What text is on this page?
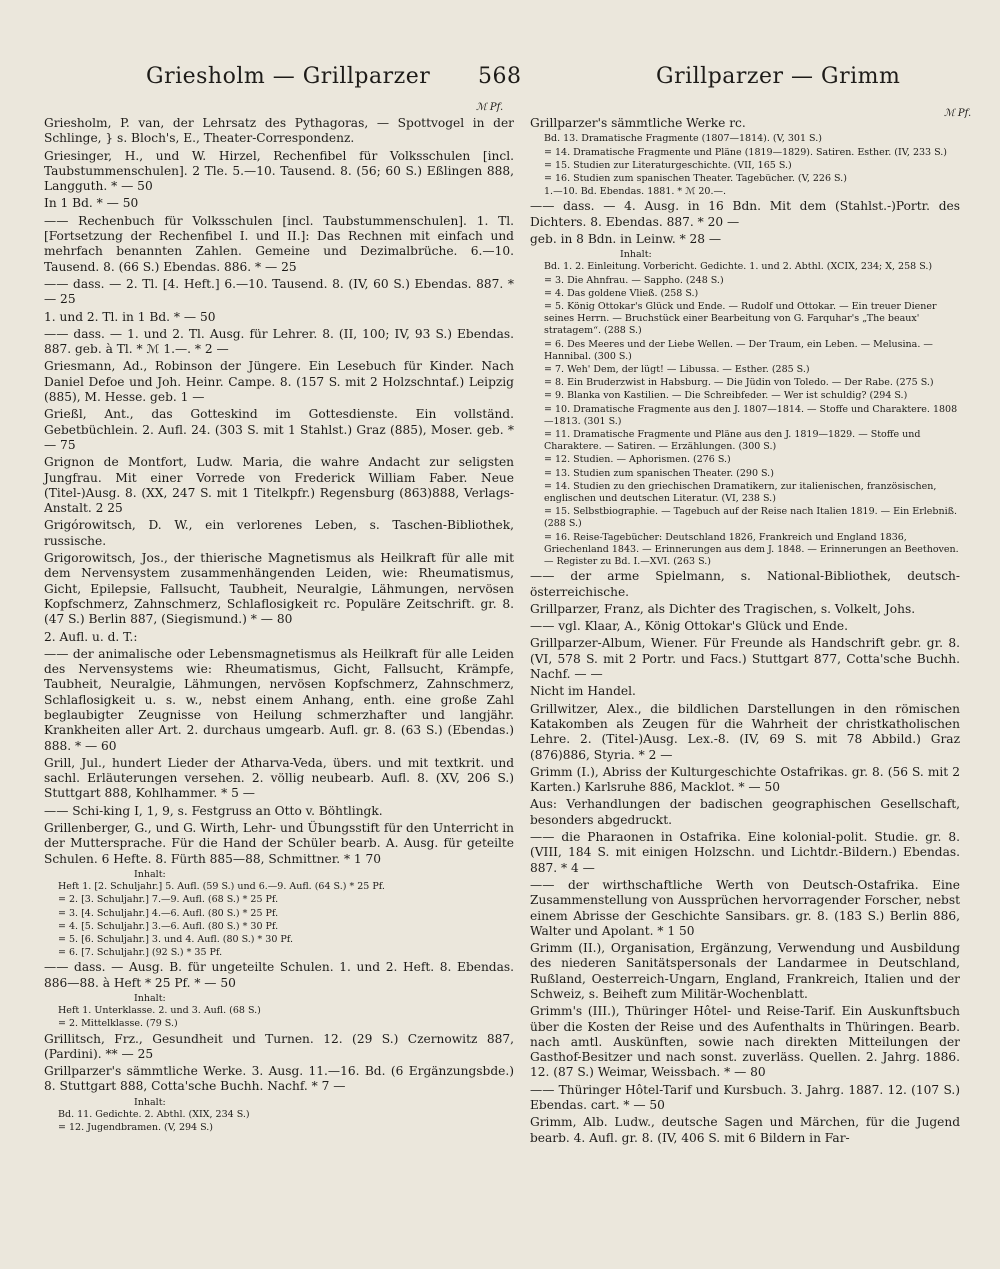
Griesholm — Grillparzer 568	Grillparzer — Grimm
ℳ Pf.
ℳ Pf.
Griesholm, P. van, der Lehrsatz des Pythagoras, — Spottvogel in der Schlinge, } s. Bloch's, E., Theater-Correspondenz.
Griesinger, H., und W. Hirzel, Rechenfibel für Volksschulen [incl. Taubstummenschulen]. 2 Tle. 5.—10. Tausend. 8. (56; 60 S.) Eßlingen 888, Langguth. * — 50
In 1 Bd. * — 50
—— Rechenbuch für Volksschulen [incl. Taubstummenschulen]. 1. Tl. [Fortsetzung der Rechenfibel I. und II.]: Das Rechnen mit einfach und mehrfach benannten Zahlen. Gemeine und Dezimalbrüche. 6.—10. Tausend. 8. (66 S.) Ebendas. 886. * — 25
—— dass. — 2. Tl. [4. Heft.] 6.—10. Tausend. 8. (IV, 60 S.) Ebendas. 887. * — 25
1. und 2. Tl. in 1 Bd. * — 50
—— dass. — 1. und 2. Tl. Ausg. für Lehrer. 8. (II, 100; IV, 93 S.) Ebendas. 887. geb. à Tl. * ℳ 1.—. * 2 —
Griesmann, Ad., Robinson der Jüngere. Ein Lesebuch für Kinder. Nach Daniel Defoe und Joh. Heinr. Campe. 8. (157 S. mit 2 Holzschntaf.) Leipzig (885), M. Hesse. geb. 1 —
Grießl, Ant., das Gotteskind im Gottesdienste. Ein vollständ. Gebetbüchlein. 2. Aufl. 24. (303 S. mit 1 Stahlst.) Graz (885), Moser. geb. * — 75
Grignon de Montfort, Ludw. Maria, die wahre Andacht zur seligsten Jungfrau. Mit einer Vorrede von Frederick William Faber. Neue (Titel-)Ausg. 8. (XX, 247 S. mit 1 Titelkpfr.) Regensburg (863)888, Verlags-Anstalt. 2 25
Grigórowitsch, D. W., ein verlorenes Leben, s. Taschen-Bibliothek, russische.
Grigorowitsch, Jos., der thierische Magnetismus als Heilkraft für alle mit dem Nervensystem zusammenhängenden Leiden, wie: Rheumatismus, Gicht, Epilepsie, Fallsucht, Taubheit, Neuralgie, Lähmungen, nervösen Kopfschmerz, Zahnschmerz, Schlaflosigkeit rc. Populäre Zeitschrift. gr. 8. (47 S.) Berlin 887, (Siegismund.) * — 80
2. Aufl. u. d. T.:
—— der animalische oder Lebensmagnetismus als Heilkraft für alle Leiden des Nervensystems wie: Rheumatismus, Gicht, Fallsucht, Krämpfe, Taubheit, Neuralgie, Lähmungen, nervösen Kopfschmerz, Zahnschmerz, Schlaflosigkeit u. s. w., nebst einem Anhang, enth. eine große Zahl beglaubigter Zeugnisse von Heilung schmerzhafter und langjähr. Krankheiten aller Art. 2. durchaus umgearb. Aufl. gr. 8. (63 S.) (Ebendas.) 888. * — 60
Grill, Jul., hundert Lieder der Atharva-Veda, übers. und mit textkrit. und sachl. Erläuterungen versehen. 2. völlig neubearb. Aufl. 8. (XV, 206 S.) Stuttgart 888, Kohlhammer. * 5 —
—— Schi-king I, 1, 9, s. Festgruss an Otto v. Böhtlingk.
Grillenberger, G., und G. Wirth, Lehr- und Übungsstift für den Unterricht in der Muttersprache. Für die Hand der Schüler bearb. A. Ausg. für geteilte Schulen. 6 Hefte. 8. Fürth 885—88, Schmittner. * 1 70
Inhalt:
Heft 1. [2. Schuljahr.] 5. Aufl. (59 S.) und 6.—9. Aufl. (64 S.) * 25 Pf.
= 2. [3. Schuljahr.] 7.—9. Aufl. (68 S.) * 25 Pf.
= 3. [4. Schuljahr.] 4.—6. Aufl. (80 S.) * 25 Pf.
= 4. [5. Schuljahr.] 3.—6. Aufl. (80 S.) * 30 Pf.
= 5. [6. Schuljahr.] 3. und 4. Aufl. (80 S.) * 30 Pf.
= 6. [7. Schuljahr.] (92 S.) * 35 Pf.
—— dass. — Ausg. B. für ungeteilte Schulen. 1. und 2. Heft. 8. Ebendas. 886—88. à Heft * 25 Pf. * — 50
Inhalt:
Heft 1. Unterklasse. 2. und 3. Aufl. (68 S.)
= 2. Mittelklasse. (79 S.)
Grillitsch, Frz., Gesundheit und Turnen. 12. (29 S.) Czernowitz 887, (Pardini). ** — 25
Grillparzer's sämmtliche Werke. 3. Ausg. 11.—16. Bd. (6 Ergänzungsbde.) 8. Stuttgart 888, Cotta'sche Buchh. Nachf. * 7 —
Inhalt:
Bd. 11. Gedichte. 2. Abthl. (XIX, 234 S.)
= 12. Jugendbramen. (V, 294 S.)
Grillparzer's sämmtliche Werke rc.
Bd. 13. Dramatische Fragmente (1807—1814). (V, 301 S.)
= 14. Dramatische Fragmente und Pläne (1819—1829). Satiren. Esther. (IV, 233 S.)
= 15. Studien zur Literaturgeschichte. (VII, 165 S.)
= 16. Studien zum spanischen Theater. Tagebücher. (V, 226 S.)
1.—10. Bd. Ebendas. 1881. * ℳ 20.—.
—— dass. — 4. Ausg. in 16 Bdn. Mit dem (Stahlst.-)Portr. des Dichters. 8. Ebendas. 887. * 20 —
geb. in 8 Bdn. in Leinw. * 28 —
Inhalt:
Bd. 1. 2. Einleitung. Vorbericht. Gedichte. 1. und 2. Abthl. (XCIX, 234; X, 258 S.)
= 3. Die Ahnfrau. — Sappho. (248 S.)
= 4. Das goldene Vließ. (258 S.)
= 5. König Ottokar's Glück und Ende. — Rudolf und Ottokar. — Ein treuer Diener seines Herrn. — Bruchstück einer Bearbeitung von G. Farquhar's „The beaux' stratagem“. (288 S.)
= 6. Des Meeres und der Liebe Wellen. — Der Traum, ein Leben. — Melusina. — Hannibal. (300 S.)
= 7. Weh' Dem, der lügt! — Libussa. — Esther. (285 S.)
= 8. Ein Bruderzwist in Habsburg. — Die Jüdin von Toledo. — Der Rabe. (275 S.)
= 9. Blanka von Kastilien. — Die Schreibfeder. — Wer ist schuldig? (294 S.)
= 10. Dramatische Fragmente aus den J. 1807—1814. — Stoffe und Charaktere. 1808—1813. (301 S.)
= 11. Dramatische Fragmente und Pläne aus den J. 1819—1829. — Stoffe und Charaktere. — Satiren. — Erzählungen. (300 S.)
= 12. Studien. — Aphorismen. (276 S.)
= 13. Studien zum spanischen Theater. (290 S.)
= 14. Studien zu den griechischen Dramatikern, zur italienischen, französischen, englischen und deutschen Literatur. (VI, 238 S.)
= 15. Selbstbiographie. — Tagebuch auf der Reise nach Italien 1819. — Ein Erlebniß. (288 S.)
= 16. Reise-Tagebücher: Deutschland 1826, Frankreich und England 1836, Griechenland 1843. — Erinnerungen aus dem J. 1848. — Erinnerungen an Beethoven. — Register zu Bd. I.—XVI. (263 S.)
—— der arme Spielmann, s. National-Bibliothek, deutsch-österreichische.
Grillparzer, Franz, als Dichter des Tragischen, s. Volkelt, Johs.
—— vgl. Klaar, A., König Ottokar's Glück und Ende.
Grillparzer-Album, Wiener. Für Freunde als Handschrift gebr. gr. 8. (VI, 578 S. mit 2 Portr. und Facs.) Stuttgart 877, Cotta'sche Buchh. Nachf. — —
Nicht im Handel.
Grillwitzer, Alex., die bildlichen Darstellungen in den römischen Katakomben als Zeugen für die Wahrheit der christkatholischen Lehre. 2. (Titel-)Ausg. Lex.-8. (IV, 69 S. mit 78 Abbild.) Graz (876)886, Styria. * 2 —
Grimm (I.), Abriss der Kulturgeschichte Ostafrikas. gr. 8. (56 S. mit 2 Karten.) Karlsruhe 886, Macklot. * — 50
Aus: Verhandlungen der badischen geographischen Gesellschaft, besonders abgedruckt.
—— die Pharaonen in Ostafrika. Eine kolonial-polit. Studie. gr. 8. (VIII, 184 S. mit einigen Holzschn. und Lichtdr.-Bildern.) Ebendas. 887. * 4 —
—— der wirthschaftliche Werth von Deutsch-Ostafrika. Eine Zusammenstellung von Aussprüchen hervorragender Forscher, nebst einem Abrisse der Geschichte Sansibars. gr. 8. (183 S.) Berlin 886, Walter und Apolant. * 1 50
Grimm (II.), Organisation, Ergänzung, Verwendung und Ausbildung des niederen Sanitätspersonals der Landarmee in Deutschland, Rußland, Oesterreich-Ungarn, England, Frankreich, Italien und der Schweiz, s. Beiheft zum Militär-Wochenblatt.
Grimm's (III.), Thüringer Hôtel- und Reise-Tarif. Ein Auskunftsbuch über die Kosten der Reise und des Aufenthalts in Thüringen. Bearb. nach amtl. Auskünften, sowie nach direkten Mitteilungen der Gasthof-Besitzer und nach sonst. zuverläss. Quellen. 2. Jahrg. 1886. 12. (87 S.) Weimar, Weissbach. * — 80
—— Thüringer Hôtel-Tarif und Kursbuch. 3. Jahrg. 1887. 12. (107 S.) Ebendas. cart. * — 50
Grimm, Alb. Ludw., deutsche Sagen und Märchen, für die Jugend bearb. 4. Aufl. gr. 8. (IV, 406 S. mit 6 Bildern in Far-
